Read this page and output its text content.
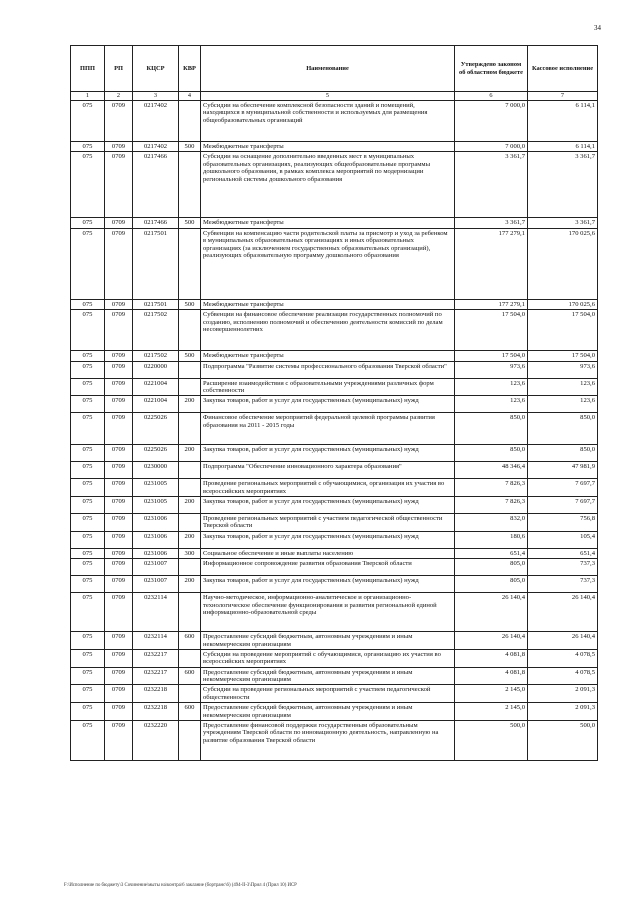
34
ППП	РП	КЦСР	КВР	Наименование	Утверждено законом об областном бюджете	Кассовое исполнение
1	2	3	4	5	6	7
075	0709	0217402		Субсидии на обеспечение комплексной безопасности зданий и помещений, находящихся в муниципальной собственности и используемых для размещения общеобразовательных организаций	7 000,0	6 114,1
075	0709	0217402	500	Межбюджетные трансферты	7 000,0	6 114,1
075	0709	0217466		Субсидии на оснащение дополнительно введенных мест в муниципальных образовательных организациях, реализующих общеобразовательные программы дошкольного образования, в рамках комплекса мероприятий по модернизации региональной системы дошкольного образования	3 361,7	3 361,7
075	0709	0217466	500	Межбюджетные трансферты	3 361,7	3 361,7
075	0709	0217501		Субвенции на компенсацию части родительской платы за присмотр и уход за ребенком в муниципальных образовательных организациях и иных образовательных организациях (за исключением государственных образовательных организаций), реализующих образовательную программу дошкольного образования	177 279,1	170 025,6
075	0709	0217501	500	Межбюджетные трансферты	177 279,1	170 025,6
075	0709	0217502		Субвенции на финансовое обеспечение реализации государственных полномочий по созданию, исполнению полномочий и обеспечению деятельности комиссий по делам несовершеннолетних	17 504,0	17 504,0
075	0709	0217502	500	Межбюджетные трансферты	17 504,0	17 504,0
075	0709	0220000		Подпрограмма "Развитие системы профессионального образования Тверской области"	973,6	973,6
075	0709	0221004		Расширение взаимодействия с образовательными учреждениями различных форм собственности	123,6	123,6
075	0709	0221004	200	Закупка товаров, работ и услуг для государственных (муниципальных) нужд	123,6	123,6
075	0709	0225026		Финансовое обеспечение мероприятий федеральной целевой программы развития образования на 2011 - 2015 годы	850,0	850,0
075	0709	0225026	200	Закупка товаров, работ и услуг для государственных (муниципальных) нужд	850,0	850,0
075	0709	0230000		Подпрограмма "Обеспечение инновационного характера образования"	48 346,4	47 981,9
075	0709	0231005		Проведение региональных мероприятий с обучающимися, организация их участия во всероссийских мероприятиях	7 826,3	7 697,7
075	0709	0231005	200	Закупка товаров, работ и услуг для государственных (муниципальных) нужд	7 826,3	7 697,7
075	0709	0231006		Проведение региональных мероприятий с участием педагогической общественности Тверской области	832,0	756,8
075	0709	0231006	200	Закупка товаров, работ и услуг для государственных (муниципальных) нужд	180,6	105,4
075	0709	0231006	300	Социальное обеспечение и иные выплаты населению	651,4	651,4
075	0709	0231007		Информационное сопровождение развития образования Тверской области	805,0	737,3
075	0709	0231007	200	Закупка товаров, работ и услуг для государственных (муниципальных) нужд	805,0	737,3
075	0709	0232114		Научно-методическое, информационно-аналитическое и организационно-технологическое обеспечение функционирования и развития региональной единой информационно-образовательной среды	26 140,4	26 140,4
075	0709	0232114	600	Предоставление субсидий бюджетным, автономным учреждениям и иным некоммерческим организациям	26 140,4	26 140,4
075	0709	0232217		Субсидии на проведение мероприятий с обучающимися, организацию их участия во всероссийских мероприятиях	4 081,8	4 078,5
075	0709	0232217	600	Предоставление субсидий бюджетным, автономным учреждениям и иным некоммерческим организациям	4 081,8	4 078,5
075	0709	0232218		Субсидии на проведение региональных мероприятий с участием педагогической общественности	2 145,0	2 091,3
075	0709	0232218	600	Предоставление субсидий бюджетным, автономным учреждениям и иным некоммерческим организациям	2 145,0	2 091,3
075	0709	0232220		Предоставление финансовой поддержки государственным образовательным учреждениям Тверской области по инновационную деятельность, направленную на развитие образования Тверской области	500,0	500,0
F:\Исполнение по бюджету\3 Сочинение\мыты на\контра\6 заклание (бортранс\6) (494-II-3\Прил 4 (Прил 10) ИСР
